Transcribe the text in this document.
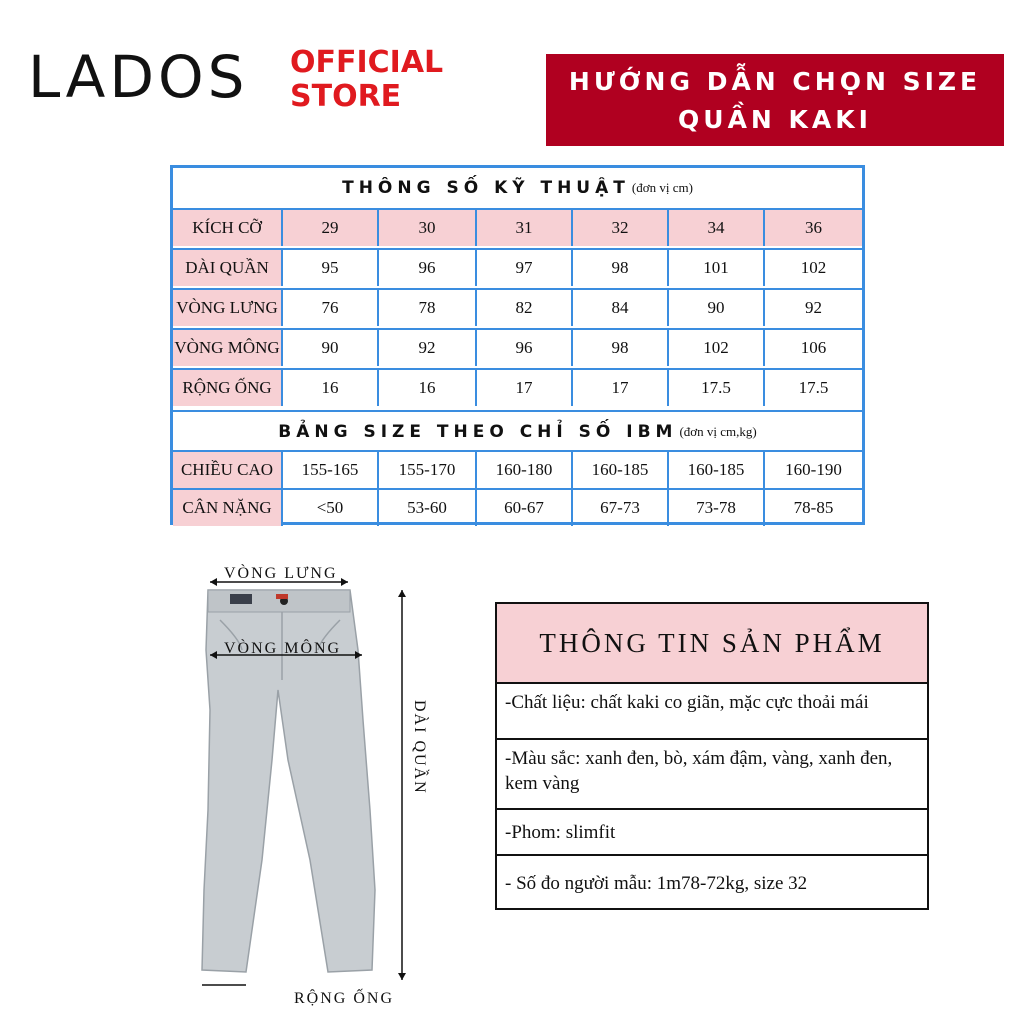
LADOS OFFICIAL
STORE	HƯỚNG DẪN CHỌN SIZE
QUẦN KAKI
THÔNG SỐ KỸ THUẬT (đơn vị cm)
KÍCH CỠ	29	30	31	32	34	36
DÀI QUẦN	95	96	97	98	101	102
VÒNG LƯNG	76	78	82	84	90	92
VÒNG MÔNG	90	92	96	98	102	106
RỘNG ỐNG	16	16	17	17	17.5	17.5
BẢNG SIZE THEO CHỈ SỐ IBM (đơn vị cm,kg)
CHIỀU CAO	155-165	155-170	160-180	160-185	160-185	160-190
CÂN NẶNG	<50	53-60	60-67	67-73	73-78	78-85
VÒNG LƯNG
VÒNG MÔNG
DÀI QUẦN
RỘNG ỐNG
THÔNG TIN SẢN PHẨM
-Chất liệu: chất kaki co giãn, mặc cực thoải mái
-Màu sắc: xanh đen, bò, xám đậm, vàng, xanh đen, kem vàng
-Phom: slimfit
- Số đo người mẫu: 1m78-72kg, size 32
